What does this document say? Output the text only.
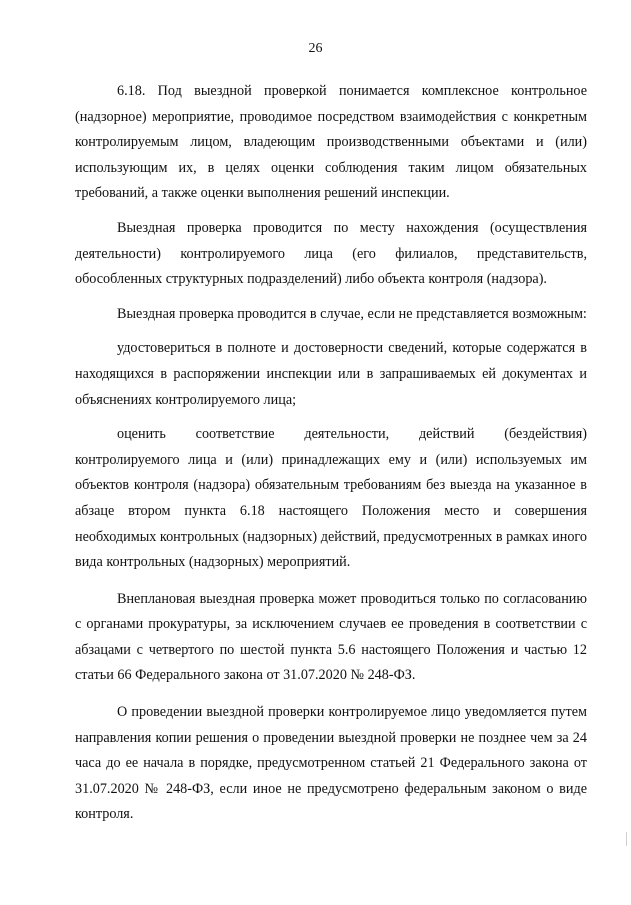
26

6.18. Под выездной проверкой понимается комплексное контрольное (надзорное) мероприятие, проводимое посредством взаимодействия с конкретным контролируемым лицом, владеющим производственными объектами и (или) использующим их, в целях оценки соблюдения таким лицом обязательных требований, а также оценки выполнения решений инспекции.

Выездная проверка проводится по месту нахождения (осуществления деятельности) контролируемого лица (его филиалов, представительств, обособленных структурных подразделений) либо объекта контроля (надзора).

Выездная проверка проводится в случае, если не представляется возможным:

удостовериться в полноте и достоверности сведений, которые содержатся в находящихся в распоряжении инспекции или в запрашиваемых ей документах и объяснениях контролируемого лица;

оценить соответствие деятельности, действий (бездействия) контролируемого лица и (или) принадлежащих ему и (или) используемых им объектов контроля (надзора) обязательным требованиям без выезда на указанное в абзаце втором пункта 6.18 настоящего Положения место и совершения необходимых контрольных (надзорных) действий, предусмотренных в рамках иного вида контрольных (надзорных) мероприятий.

Внеплановая выездная проверка может проводиться только по согласованию с органами прокуратуры, за исключением случаев ее проведения в соответствии с абзацами с четвертого по шестой пункта 5.6 настоящего Положения и частью 12 статьи 66 Федерального закона от 31.07.2020 № 248-ФЗ.

О проведении выездной проверки контролируемое лицо уведомляется путем направления копии решения о проведении выездной проверки не позднее чем за 24 часа до ее начала в порядке, предусмотренном статьей 21 Федерального закона от 31.07.2020 № 248-ФЗ, если иное не предусмотрено федеральным законом о виде контроля.
